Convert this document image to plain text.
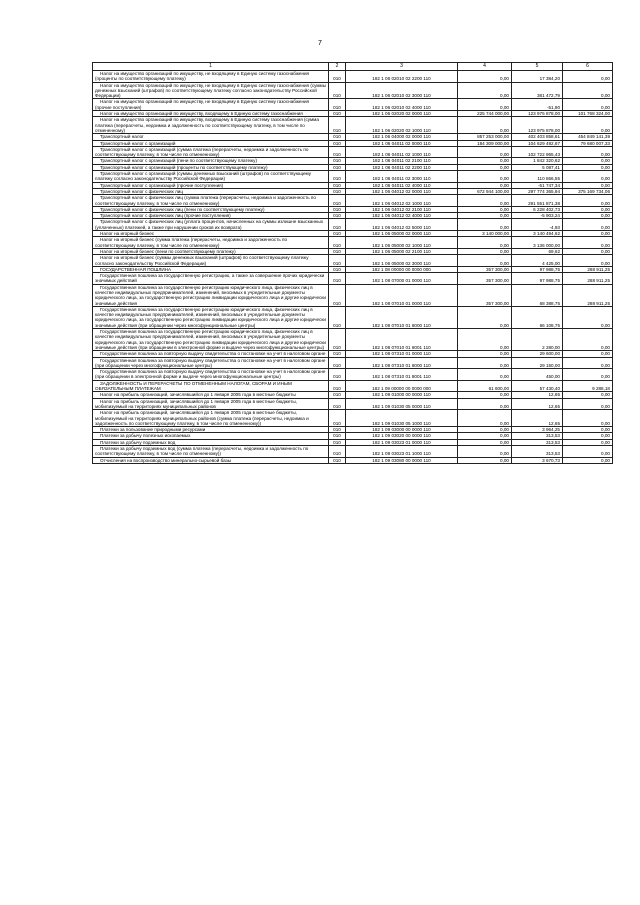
7
1	2	3	4	5	6
Налог на имущество организаций по имуществу, не входящему в Единую систему газоснабжения (проценты по соответствующему платежу)	010	182 1 06 02010 02 2200 110	0,00	17 384,20	0,00
Налог на имущество организаций по имуществу, не входящему в Единую систему газоснабжения (суммы денежных взысканий (штрафов) по соответствующему платежу согласно законодательству Российской Федерации)	010	182 1 06 02010 02 3000 110	0,00	381 472,79	0,00
Налог на имущество организаций по имуществу, не входящему в Единую систему газоснабжения (прочие поступления)	010	182 1 06 02010 02 4000 110	0,00	-51,90	0,00
Налог на имущество организаций по имуществу, входящему в Единую систему газоснабжения	010	182 1 06 02020 02 0000 110	225 744 000,00	123 975 878,00	101 768 324,00
Налог на имущество организаций по имуществу, входящему в Единую систему газоснабжения (сумма платежа (перерасчеты, недоимка и задолженность по соответствующему платежу, в том числе по отмененному)	010	182 1 06 02020 02 1000 110	0,00	123 975 878,00	0,00
Транспортный налог	010	182 1 06 04000 02 0000 110	857 253 000,00	402 403 858,61	454 849 141,39
Транспортный налог с организаций	010	182 1 06 04011 02 0000 110	184 309 000,00	104 629 492,67	79 680 007,33
Транспортный налог с организаций (сумма платежа (перерасчеты, недоимка и задолженность по соответствующему платежу, в том числе по отмененному)	010	182 1 06 04011 02 1000 110	0,00	102 722 965,43	0,00
Транспортный налог с организаций (пени по соответствующему платежу)	010	182 1 06 04011 02 2100 110	0,00	1 842 320,62	0,00
Транспортный налог с организаций (проценты по соответствующему платежу)	010	182 1 06 04011 02 2200 110	0,00	5 087,41	0,00
Транспортный налог с организаций (суммы денежных взысканий (штрафов) по соответствующему платежу согласно законодательству Российской Федерации)	010	182 1 06 04011 02 3000 110	0,00	110 866,55	0,00
Транспортный налог с организаций (прочие поступления)	010	182 1 06 04011 02 4000 110	0,00	-51 747,34	0,00
Транспортный налог с физических лиц	010	182 1 06 04012 02 0000 110	672 944 100,00	297 774 365,94	375 169 734,06
Транспортный налог с физических лиц (сумма платежа (перерасчеты, недоимка и задолженность по соответствующему платежу, в том числе по отмененному)	010	182 1 06 04012 02 1000 110	0,00	291 551 871,38	0,00
Транспортный налог с физических лиц (пени по соответствующему платежу)	010	182 1 06 04012 02 2100 110	0,00	6 228 402,73	0,00
Транспортный налог с физических лиц (прочие поступления)	010	182 1 06 04012 02 4000 110	0,00	-5 903,24	0,00
Транспортный налог с физических лиц (уплата процентов, начисленных на суммы излишне взысканных (уплаченных) платежей, а также при нарушении сроков их возврата)	010	182 1 06 04012 02 5000 110	0,00	-4,93	0,00
Налог на игорный бизнес	010	182 1 06 05000 02 0000 110	3 140 000,00	3 140 494,62	0,00
Налог на игорный бизнес (сумма платежа (перерасчеты, недоимка и задолженность по соответствующему платежу, в том числе по отмененному)	010	182 1 06 05000 02 1000 110	0,00	3 136 000,00	0,00
Налог на игорный бизнес (пени по соответствующему платежу)	010	182 1 06 05000 02 2100 110	0,00	69,62	0,00
Налог на игорный бизнес (суммы денежных взысканий (штрафов) по соответствующему платежу согласно законодательству Российской Федерации)	010	182 1 06 05000 02 3000 110	0,00	4 425,00	0,00
ГОСУДАРСТВЕННАЯ ПОШЛИНА	010	182 1 08 00000 00 0000 000	357 300,00	97 988,75	288 911,25
Государственная пошлина за государственную регистрацию, а также за совершение прочих юридически значимых действий	010	182 1 08 07000 01 0000 110	357 300,00	97 988,75	288 911,25
Государственная пошлина за государственную регистрацию юридического лица, физических лиц в качестве индивидуальных предпринимателей, изменений, вносимых в учредительные документы юридического лица, за государственную регистрацию ликвидации юридического лица и другие юридически значимые действия	010	182 1 08 07010 01 0000 110	357 300,00	68 388,75	288 911,25
Государственная пошлина за государственную регистрацию юридического лица, физических лиц в качестве индивидуальных предпринимателей, изменений, вносимых в учредительные документы юридического лица, за государственную регистрацию ликвидации юридического лица и другие юридически значимые действия (при обращении через многофункциональные центры)	010	182 1 08 07010 01 8000 110	0,00	66 108,75	0,00
Государственная пошлина за государственную регистрацию юридического лица, физических лиц в качестве индивидуальных предпринимателей, изменений, вносимых в учредительные документы юридического лица, за государственную регистрацию ликвидации юридического лица и другие юридически значимые действия (при обращении в электронной форме и выдаче через многофункциональные центры)	010	182 1 08 07010 01 8001 110	0,00	2 280,00	0,00
Государственная пошлина за повторную выдачу свидетельства о постановке на учет в налоговом органе	010	182 1 08 07310 01 0000 110	0,00	29 600,00	0,00
Государственная пошлина за повторную выдачу свидетельства о постановке на учет в налоговом органе (при обращении через многофункциональные центры)	010	182 1 08 07310 01 8000 110	0,00	29 150,00	0,00
Государственная пошлина за повторную выдачу свидетельства о постановке на учет в налоговом органе (при обращении в электронной форме и выдаче через многофункциональные центры)	010	182 1 08 07310 01 8001 110	0,00	450,00	0,00
ЗАДОЛЖЕННОСТЬ И ПЕРЕРАСЧЕТЫ ПО ОТМЕНЕННЫМ НАЛОГАМ, СБОРАМ И ИНЫМ ОБЯЗАТЕЛЬНЫМ ПЛАТЕЖАМ	010	182 1 09 00000 00 0000 000	61 600,00	57 430,40	9 288,18
Налог на прибыль организаций, зачислявшийся до 1 января 2005 года в местные бюджеты	010	182 1 09 01000 00 0000 110	0,00	12,65	0,00
Налог на прибыль организаций, зачислявшийся до 1 января 2005 года в местные бюджеты, мобилизуемый на территориях муниципальных районов	010	182 1 09 01030 05 0000 110	0,00	12,65	0,00
Налог на прибыль организаций, зачислявшийся до 1 января 2005 года в местные бюджеты, мобилизуемый на территориях муниципальных районов (сумма платежа (перерасчеты, недоимка и задолженность по соответствующему платежу, в том числе по отмененному))	010	182 1 09 01030 05 1000 110	0,00	12,65	0,00
Платежи за пользование природными ресурсами	010	182 1 09 03000 00 0000 110	0,00	3 964,25	0,00
Платежи за добычу полезных ископаемых	010	182 1 09 03020 00 0000 110	0,00	313,53	0,00
Платежи за добычу подземных вод	010	182 1 09 03023 01 0000 110	0,00	313,53	0,00
Платежи за добычу подземных вод (сумма платежа (перерасчеты, недоимка и задолженность по соответствующему платежу, в том числе по отмененному))	010	182 1 09 03023 01 1000 110	0,00	313,53	0,00
Отчисления на воспроизводство минерально-сырьевой базы	010	182 1 09 03080 00 0000 110	0,00	3 670,73	0,00
